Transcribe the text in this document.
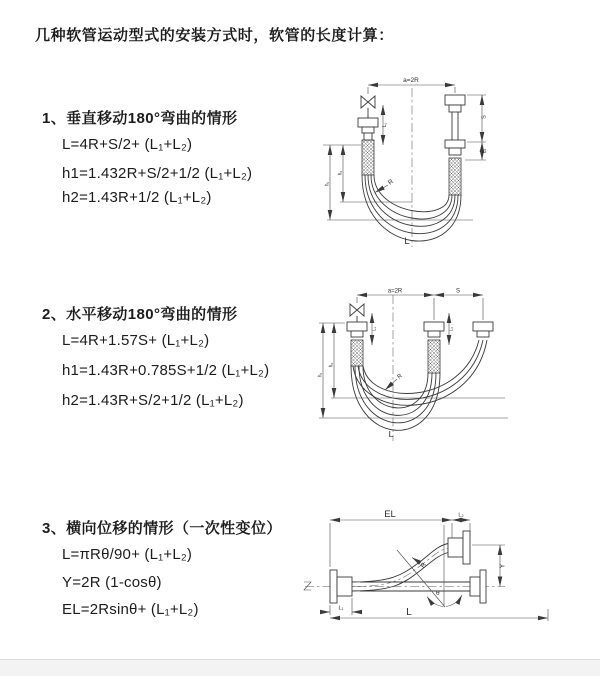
几种软管运动型式的安装方式时，软管的长度计算：
1、垂直移动180°弯曲的情形
L=4R+S/2+ (L₁+L₂)
h1=1.432R+S/2+1/2 (L₁+L₂)
h2=1.43R+1/2 (L₁+L₂)
2、水平移动180°弯曲的情形
L=4R+1.57S+ (L₁+L₂)
h1=1.43R+0.785S+1/2 (L₁+L₂)
h2=1.43R+S/2+1/2 (L₁+L₂)
3、横向位移的情形（一次性变位）
L=πRθ/90+ (L₁+L₂)
Y=2R (1-cosθ)
EL=2Rsinθ+ (L₁+L₂)
a=2R
L₁
S
L₂
h₁
h₂
R
L
a=2R	S
L₁	L₂
h₁
h₂
R
L
EL	L₂
Y
R
θ
L₁	L
